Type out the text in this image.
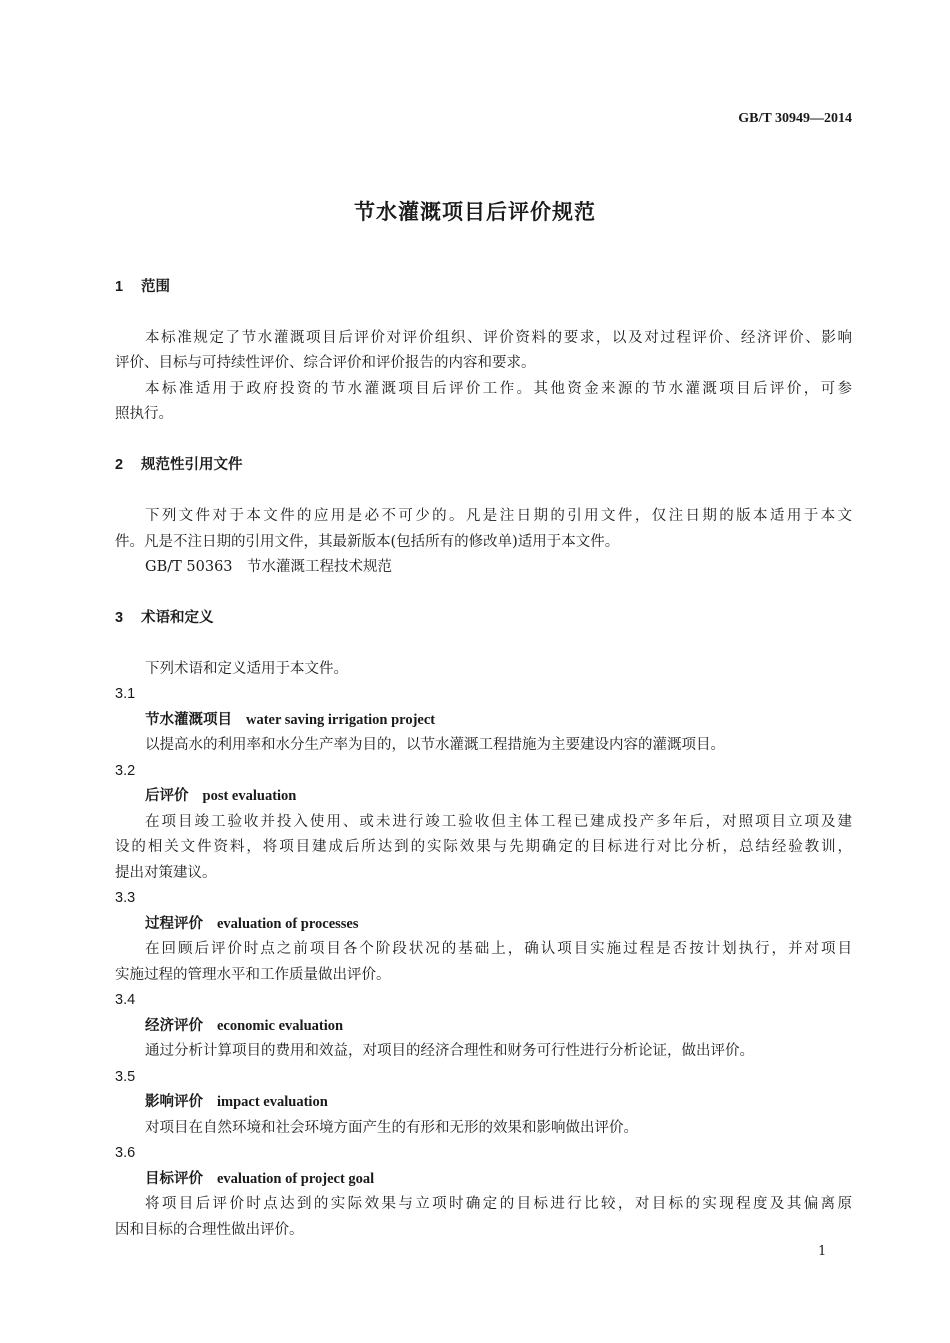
GB/T 30949—2014
节水灌溉项目后评价规范
1 范围
本标准规定了节水灌溉项目后评价对评价组织、评价资料的要求，以及对过程评价、经济评价、影响
评价、目标与可持续性评价、综合评价和评价报告的内容和要求。
本标准适用于政府投资的节水灌溉项目后评价工作。其他资金来源的节水灌溉项目后评价，可参
照执行。
2 规范性引用文件
下列文件对于本文件的应用是必不可少的。凡是注日期的引用文件，仅注日期的版本适用于本文
件。凡是不注日期的引用文件，其最新版本(包括所有的修改单)适用于本文件。
GB/T 50363　节水灌溉工程技术规范
3 术语和定义
下列术语和定义适用于本文件。
3.1
节水灌溉项目 water saving irrigation project
以提高水的利用率和水分生产率为目的，以节水灌溉工程措施为主要建设内容的灌溉项目。
3.2
后评价 post evaluation
在项目竣工验收并投入使用、或未进行竣工验收但主体工程已建成投产多年后，对照项目立项及建
设的相关文件资料，将项目建成后所达到的实际效果与先期确定的目标进行对比分析，总结经验教训，
提出对策建议。
3.3
过程评价 evaluation of processes
在回顾后评价时点之前项目各个阶段状况的基础上，确认项目实施过程是否按计划执行，并对项目
实施过程的管理水平和工作质量做出评价。
3.4
经济评价 economic evaluation
通过分析计算项目的费用和效益，对项目的经济合理性和财务可行性进行分析论证，做出评价。
3.5
影响评价 impact evaluation
对项目在自然环境和社会环境方面产生的有形和无形的效果和影响做出评价。
3.6
目标评价 evaluation of project goal
将项目后评价时点达到的实际效果与立项时确定的目标进行比较，对目标的实现程度及其偏离原
因和目标的合理性做出评价。
1
